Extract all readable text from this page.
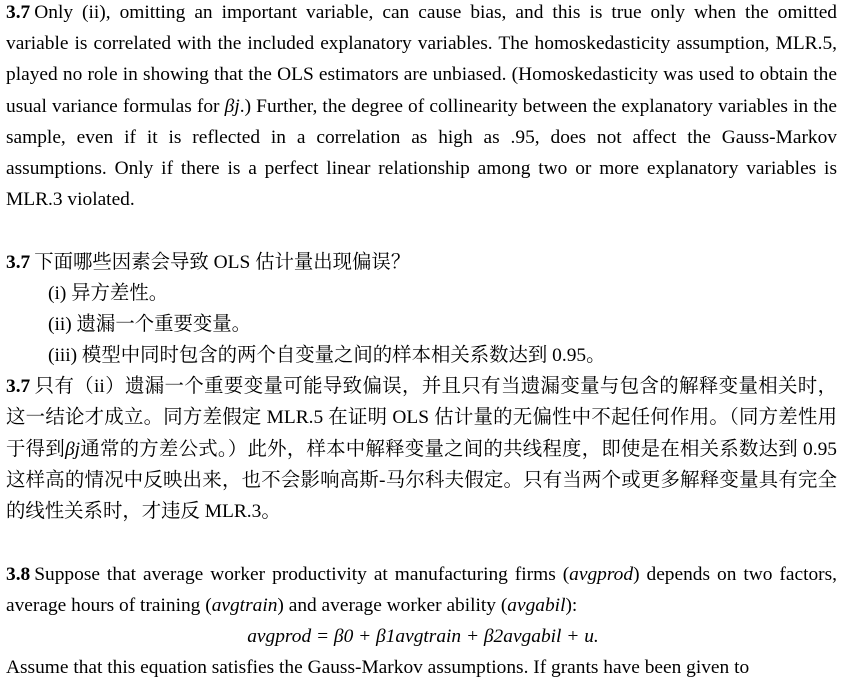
3.7 Only (ii), omitting an important variable, can cause bias, and this is true only when the omitted variable is correlated with the included explanatory variables. The homoskedasticity assumption, MLR.5, played no role in showing that the OLS estimators are unbiased. (Homoskedasticity was used to obtain the usual variance formulas for βj.) Further, the degree of collinearity between the explanatory variables in the sample, even if it is reflected in a correlation as high as .95, does not affect the Gauss-Markov assumptions. Only if there is a perfect linear relationship among two or more explanatory variables is MLR.3 violated.

3.7 下面哪些因素会导致 OLS 估计量出现偏误？

(i) 异方差性。

(ii) 遗漏一个重要变量。

(iii) 模型中同时包含的两个自变量之间的样本相关系数达到 0.95。

3.7 只有（ii）遗漏一个重要变量可能导致偏误，并且只有当遗漏变量与包含的解释变量相关时，这一结论才成立。同方差假定 MLR.5 在证明 OLS 估计量的无偏性中不起任何作用。（同方差性用于得到βj通常的方差公式。）此外，样本中解释变量之间的共线程度，即使是在相关系数达到 0.95 这样高的情况中反映出来，也不会影响高斯-马尔科夫假定。只有当两个或更多解释变量具有完全的线性关系时，才违反 MLR.3。

3.8 Suppose that average worker productivity at manufacturing firms (avgprod) depends on two factors, average hours of training (avgtrain) and average worker ability (avgabil):

avgprod = β0 + β1avgtrain + β2avgabil + u.

Assume that this equation satisfies the Gauss-Markov assumptions. If grants have been given to
